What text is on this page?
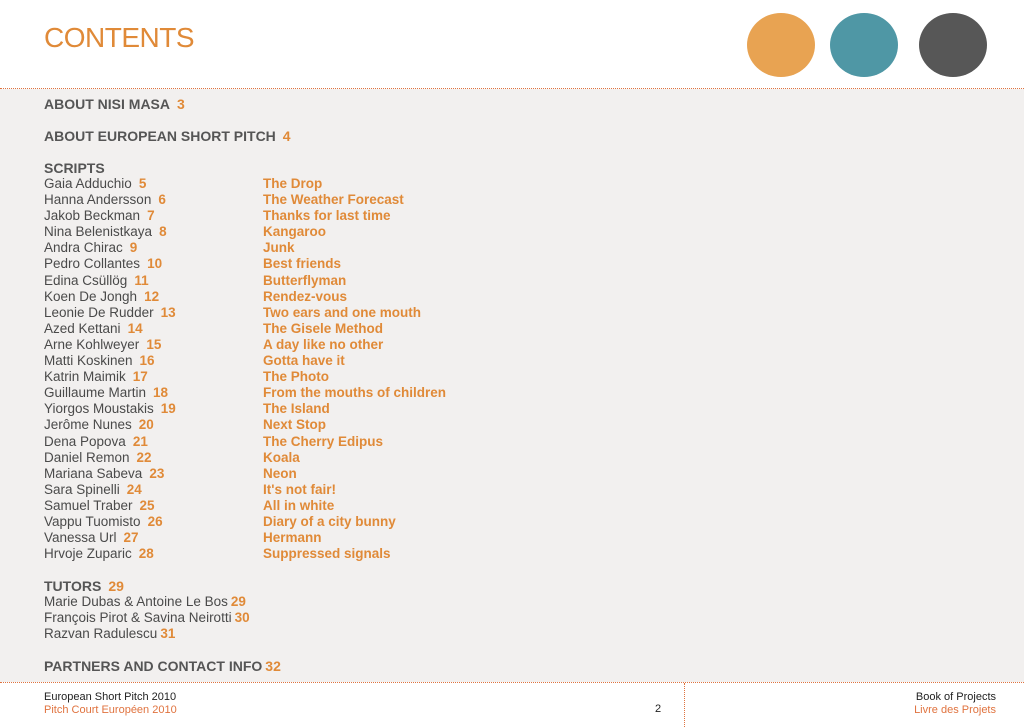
CONTENTS
ABOUT NISI MASA 3
ABOUT EUROPEAN SHORT PITCH 4
SCRIPTS
Gaia Adduchio 5	The Drop
Hanna Andersson 6	The Weather Forecast
Jakob Beckman 7	Thanks for last time
Nina Belenistkaya 8	Kangaroo
Andra Chirac 9	Junk
Pedro Collantes 10	Best friends
Edina Csüllög 11	Butterflyman
Koen De Jongh 12	Rendez-vous
Leonie De Rudder 13	Two ears and one mouth
Azed Kettani 14	The Gisele Method
Arne Kohlweyer 15	A day like no other
Matti Koskinen 16	Gotta have it
Katrin Maimik 17	The Photo
Guillaume Martin 18	From the mouths of children
Yiorgos Moustakis 19	The Island
Jerôme Nunes 20	Next Stop
Dena Popova 21	The Cherry Edipus
Daniel Remon 22	Koala
Mariana Sabeva 23	Neon
Sara Spinelli 24	It's not fair!
Samuel Traber 25	All in white
Vappu Tuomisto 26	Diary of a city bunny
Vanessa Url 27	Hermann
Hrvoje Zuparic 28	Suppressed signals
TUTORS 29
Marie Dubas & Antoine Le Bos 29
François Pirot & Savina Neirotti 30
Razvan Radulescu 31
PARTNERS AND CONTACT INFO 32
European Short Pitch 2010
Pitch Court Européen 2010	2
Book of Projects
Livre des Projets
